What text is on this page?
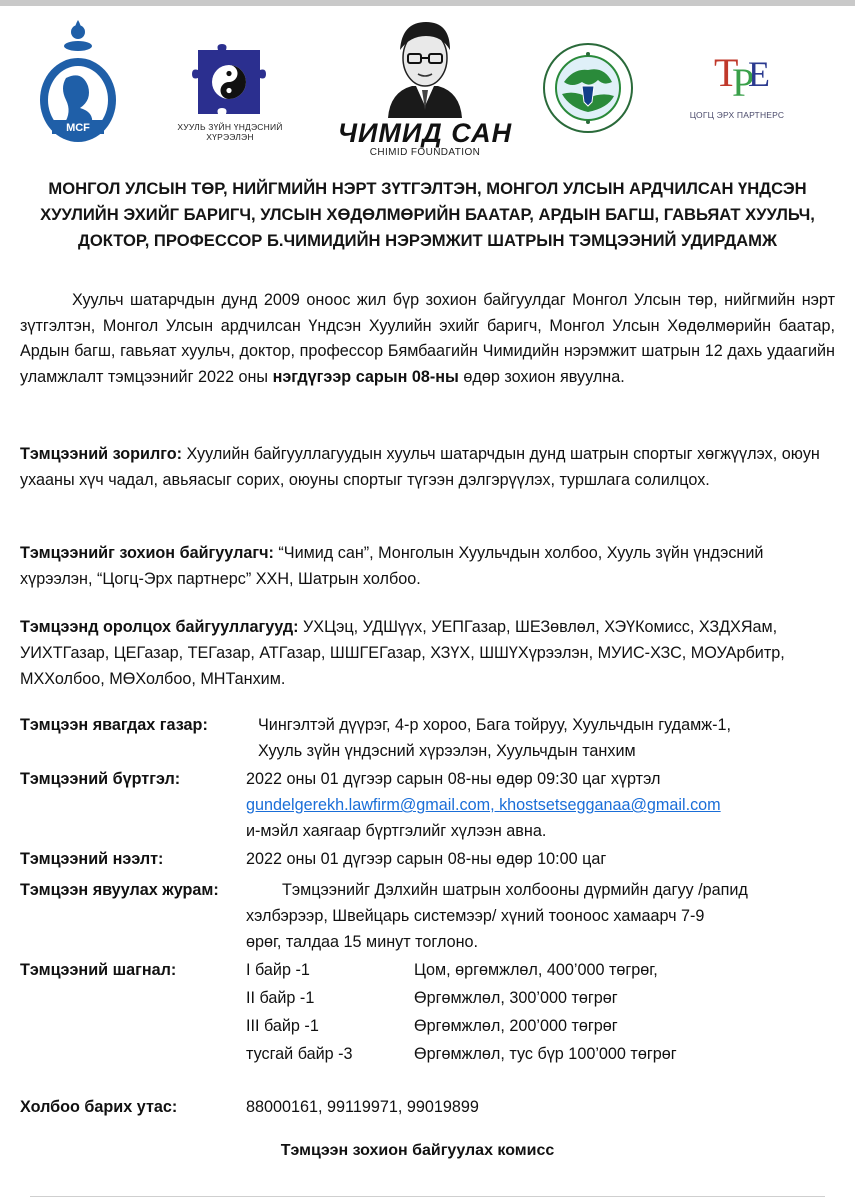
MCF	ХУУЛЬ ЗҮЙН ҮНДЭСНИЙ ХҮРЭЭЛЭН	ЧИМИД САН
CHIMID FOUNDATION
T
P
E
ЦОГЦ ЭРХ ПАРТНЕРС
МОНГОЛ УЛСЫН ТӨР, НИЙГМИЙН НЭРТ ЗҮТГЭЛТЭН, МОНГОЛ УЛСЫН АРДЧИЛСАН ҮНДСЭН ХУУЛИЙН ЭХИЙГ БАРИГЧ, УЛСЫН ХӨДӨЛМӨРИЙН БААТАР, АРДЫН БАГШ, ГАВЬЯАТ ХУУЛЬЧ, ДОКТОР, ПРОФЕССОР Б.ЧИМИДИЙН НЭРЭМЖИТ ШАТРЫН ТЭМЦЭЭНИЙ УДИРДАМЖ

Хуульч шатарчдын дунд 2009 оноос жил бүр зохион байгуулдаг Монгол Улсын төр, нийгмийн нэрт зүтгэлтэн, Монгол Улсын ардчилсан Үндсэн Хуулийн эхийг баригч, Монгол Улсын Хөдөлмөрийн баатар, Ардын багш, гавьяат хуульч, доктор, профессор Бямбаагийн Чимидийн нэрэмжит шатрын 12 дахь удаагийн уламжлалт тэмцээнийг 2022 оны нэгдүгээр сарын 08-ны өдөр зохион явуулна.

Тэмцээний зорилго: Хуулийн байгууллагуудын хуульч шатарчдын дунд шатрын спортыг хөгжүүлэх, оюун ухааны хүч чадал, авьяасыг сорих, оюуны спортыг түгээн дэлгэрүүлэх, туршлага солилцох.

Тэмцээнийг зохион байгуулагч: “Чимид сан”, Монголын Хуульчдын холбоо, Хууль зүйн үндэсний хүрээлэн, “Цогц-Эрх партнерс” ХХН, Шатрын холбоо.

Тэмцээнд оролцох байгууллагууд: УХЦэц, УДШүүх, УЕПГазар, ШЕЗөвлөл, ХЭҮКомисс, ХЗДХЯам, УИХТГазар, ЦЕГазар, ТЕГазар, АТГазар, ШШГЕГазар, ХЗҮХ, ШШҮХүрээлэн, МУИС-ХЗС, МОУАрбитр, МХХолбоо, МӨХолбоо, МНТанхим.

Тэмцээн явагдах газар:	Чингэлтэй дүүрэг, 4-р хороо, Бага тойруу, Хуульчдын гудамж-1,
Хууль зүйн үндэсний хүрээлэн, Хуульчдын танхим
Тэмцээний бүртгэл:	2022 оны 01 дүгээр сарын 08-ны өдөр 09:30 цаг хүртэл
gundelgerekh.lawfirm@gmail.com, khostsetsegganaa@gmail.com
и-мэйл хаягаар бүртгэлийг хүлээн авна.
Тэмцээний нээлт:	2022 оны 01 дүгээр сарын 08-ны өдөр 10:00 цаг
Тэмцээн явуулах журам:	Тэмцээнийг Дэлхийн шатрын холбооны дүрмийн дагуу /рапид
хэлбэрээр, Швейцарь системээр/ хүний тооноос хамаарч 7-9
өрөг, талдаа 15 минут тоглоно.
Тэмцээний шагнал:	I байр -1	Цом, өргөмжлөл, 400’000 төгрөг,
II байр -1	Өргөмжлөл, 300’000 төгрөг
III байр -1	Өргөмжлөл, 200’000 төгрөг
тусгай байр -3	Өргөмжлөл, тус бүр 100’000 төгрөг
Холбоо барих утас:	88000161, 99119971, 99019899

Тэмцээн зохион байгуулах комисс
